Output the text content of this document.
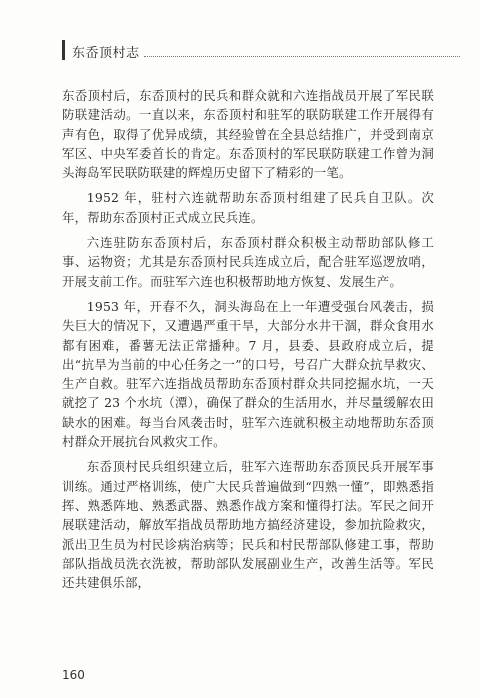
东岙顶村志

东岙顶村后，东岙顶村的民兵和群众就和六连指战员开展了军民联防联建活动。一直以来，东岙顶村和驻军的联防联建工作开展得有声有色，取得了优异成绩，其经验曾在全县总结推广，并受到南京军区、中央军委首长的肯定。东岙顶村的军民联防联建工作曾为洞头海岛军民联防联建的辉煌历史留下了精彩的一笔。

1952 年，驻村六连就帮助东岙顶村组建了民兵自卫队。次年，帮助东岙顶村正式成立民兵连。

六连驻防东岙顶村后，东岙顶村群众积极主动帮助部队修工事、运物资；尤其是东岙顶村民兵连成立后，配合驻军巡逻放哨，开展支前工作。而驻军六连也积极帮助地方恢复、发展生产。

1953 年，开春不久，洞头海岛在上一年遭受强台风袭击，损失巨大的情况下，又遭遇严重干旱，大部分水井干涸，群众食用水都有困难，番薯无法正常播种。7 月，县委、县政府成立后，提出“抗旱为当前的中心任务之一”的口号，号召广大群众抗旱救灾、生产自救。驻军六连指战员帮助东岙顶村群众共同挖掘水坑，一天就挖了 23 个水坑（潭），确保了群众的生活用水，并尽量缓解农田缺水的困难。每当台风袭击时，驻军六连就积极主动地帮助东岙顶村群众开展抗台风救灾工作。

东岙顶村民兵组织建立后，驻军六连帮助东岙顶民兵开展军事训练。通过严格训练，使广大民兵普遍做到“四熟一懂”，即熟悉指挥、熟悉阵地、熟悉武器、熟悉作战方案和懂得打法。军民之间开展联建活动，解放军指战员帮助地方搞经济建设，参加抗险救灾，派出卫生员为村民诊病治病等；民兵和村民帮部队修建工事，帮助部队指战员洗衣洗被，帮助部队发展副业生产，改善生活等。军民还共建俱乐部，

160
